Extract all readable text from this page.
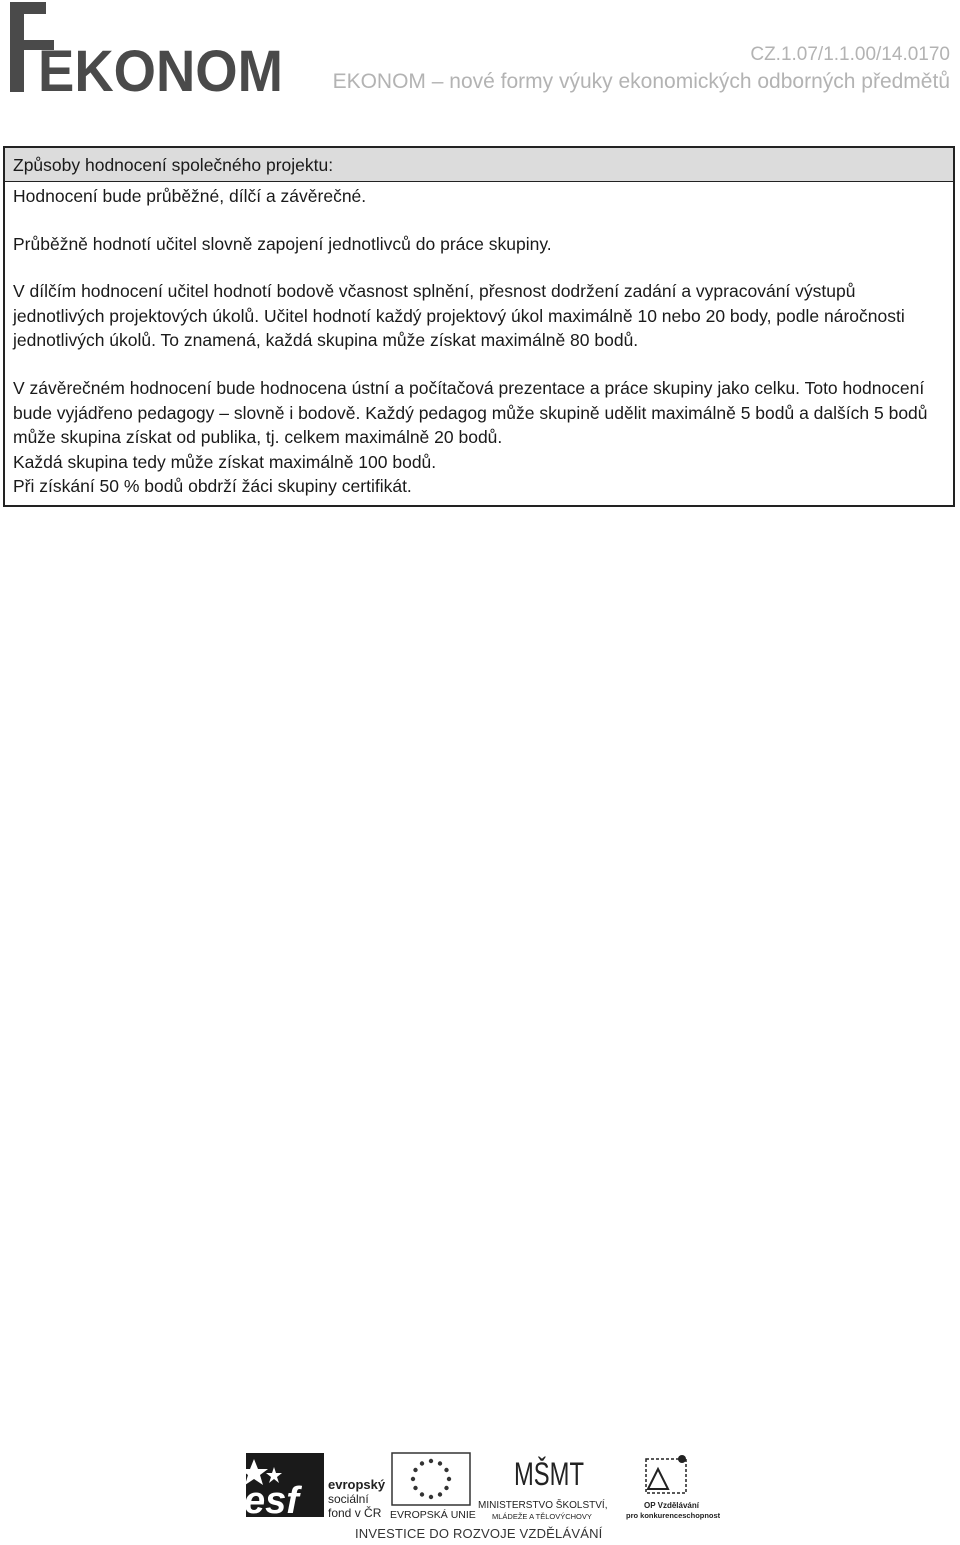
EKONOM	CZ.1.07/1.1.00/14.0170

EKONOM – nové formy výuky ekonomických odborných předmětů

Způsoby hodnocení společného projektu:

Hodnocení bude průběžné, dílčí a závěrečné.

Průběžně hodnotí učitel slovně zapojení jednotlivců do práce skupiny.

V dílčím hodnocení učitel hodnotí bodově včasnost splnění, přesnost dodržení zadání a vypracování výstupů jednotlivých projektových úkolů. Učitel hodnotí každý projektový úkol maximálně 10 nebo 20 body, podle náročnosti jednotlivých úkolů. To znamená, každá skupina může získat maximálně 80 bodů.

V závěrečném hodnocení bude hodnocena ústní a počítačová prezentace a práce skupiny jako celku. Toto hodnocení bude vyjádřeno pedagogy – slovně i bodově. Každý pedagog může skupině udělit maximálně 5 bodů a dalších 5 bodů může skupina získat od publika, tj. celkem maximálně 20 bodů.

Každá skupina tedy může získat maximálně 100 bodů.

Při získání 50 % bodů obdrží žáci skupiny certifikát.

esf evropský
sociální
fond v ČR EVROPSKÁ UNIE
MŠMT
MINISTERSTVO ŠKOLSTVÍ,
MLÁDEŽE A TĚLOVÝCHOVY
OP Vzdělávání
pro konkurenceschopnost

INVESTICE DO ROZVOJE VZDĚLÁVÁNÍ
